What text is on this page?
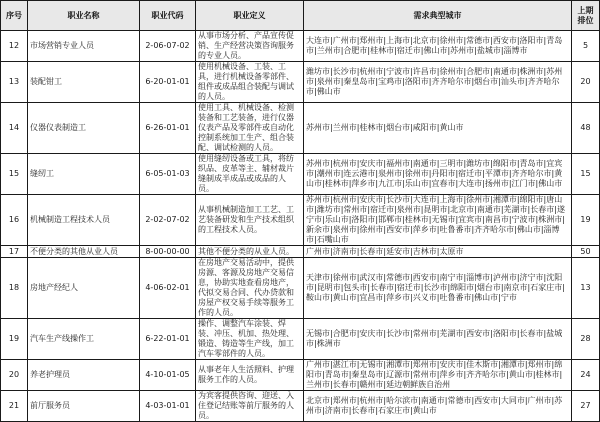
序号	职业名称	职业代码	职业定义	需求典型城市	上期排位
12	市场营销专业人员	2-06-07-02	从事市场分析、产品宣传促销、生产经营决策咨询服务的专业人员。	大连市|广州市|郑州市|上海市|北京市|徐州市|常德市|西安市|洛阳市|青岛市|兰州市|合肥市|桂林市|宿迁市|佛山市|苏州市|盐城市|淄博市	5
13	装配钳工	6-20-01-01	使用机械设备、工装、工具，进行机械设备零部件、组件或成品组合装配与调试的人员。	潍坊市|长沙市|杭州市|宁波市|许昌市|徐州市|合肥市|南通市|株洲市|苏州市|泉州市|秦皇岛市|宝鸡市|洛阳市|齐齐哈尔市|烟台市|汕头市|齐齐哈尔市|佛山市	20
14	仪器仪表制造工	6-26-01-01	使用工具、机械设备、检测装备和工艺装备，进行仪器仪表产品及零部件或自动化控制系统加工生产、组合装配、调试检测的人员。	苏州市|兰州市|桂林市|烟台市|咸阳市|黄山市	48
15	缝纫工	6-05-01-03	使用缝纫设备或工具，将纺织品、皮革等主、辅材裁片缝制成半成品或成品的人员。	苏州市|杭州市|安庆市|福州市|南通市|三明市|潍坊市|绵阳市|青岛市|宜宾市|潮州市|连云港市|泉州市|徐州市|丹阳市|宿迁市|平潭市|齐齐哈尔市|黄山市|桂林市|萍乡市|九江市|乐山市|宜春市|大连市|扬州市|江门市|佛山市	15
16	机械制造工程技术人员	2-02-07-02	从事机械制造加工工艺、工艺装备研发和生产技术组织的工程技术人员。	苏州市|杭州市|安庆市|长沙市|大连市|上海市|徐州市|湘潭市|绵阳市|唐山市|潍坊市|常州市|宿迁市|泉州市|昆明市|北京市|南通市|芜湖市|长春市|遂宁市|乐山市|洛阳市|邯郸市|桂林市|无锡市|宜宾市|南昌市|宁波市|株洲市|新余市|泉州市|徐州市|西安市|萍乡市|吐鲁番市|齐齐哈尔市|佛山市|淄博市|石嘴山市	19
17	不便分类的其他从业人员	8-00-00-00	其他不便分类的从业人员。	广州市|济南市|长春市|延安市|吉林市|太原市	50
18	房地产经纪人	4-06-02-01	在房地产交易活动中，提供房源、客源及房地产交易信息，协助实地查看房地产，代拟交易合同、代办贷款和房屋产权交易手续等服务工作的人员。	天津市|徐州市|武汉市|常德市|西安市|南宁市|淄博市|泸州市|济宁市|沈阳市|昆明市|包头市|长春市|宿迁市|长沙市|绵阳市|烟台市|南京市|石家庄市|鞍山市|黄山市|宜昌市|萍乡市|兴义市|吐鲁番市|佛山市|宁市	13
19	汽车生产线操作工	6-22-01-01	操作、调整汽车涂装、焊装、冲压、机加、热处理、锻造、铸造等生产线，加工汽车零部件的人员。	无锡市|合肥市|安庆市|长沙市|常州市|芜湖市|西安市|洛阳市|长春市|盐城市|株洲市	28
20	养老护理员	4-10-01-05	从事老年人生活照料、护理服务工作的人员。	广州市|湛江市|无锡市|湘潭市|郑州市|安庆市|佳木斯市|湘潭市|郑州市|绵阳市|青岛市|秦皇岛市|辽源市|常州市|萍乡市|齐齐哈尔市|黄山市|桂林市|兰州市|长春市|赣州市|延边朝鲜族自治州	24
21	前厅服务员	4-03-01-01	为宾客提供咨询、迎送、入住登记结账等前厅服务的人员。	北京市|郑州市|杭州市|哈尔滨市|南通市|常德市|西安市|大同市|广州市|苏州市|济南市|长春市|石家庄市|黄山市	27
